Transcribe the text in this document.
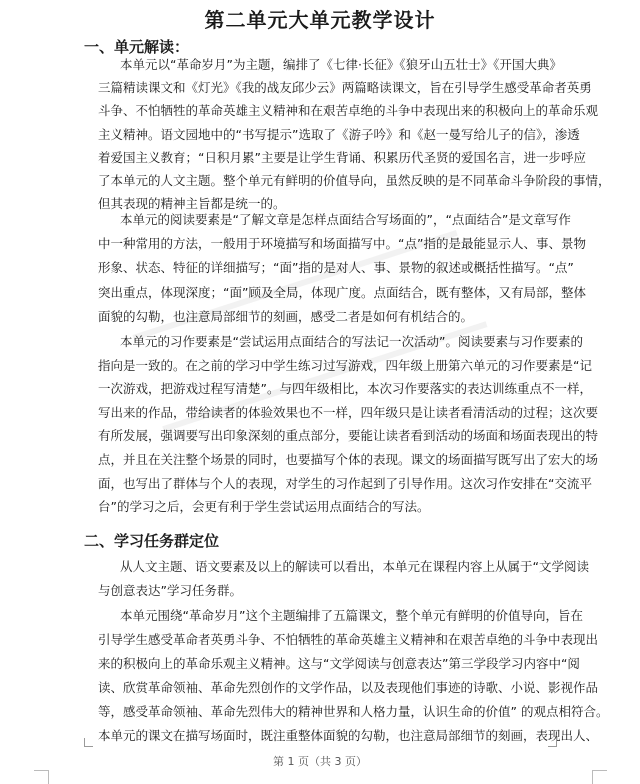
第二单元大单元教学设计
一、单元解读：
本单元以“革命岁月”为主题，编排了《七律·长征》《狼牙山五壮士》《开国大典》
三篇精读课文和《灯光》《我的战友邱少云》两篇略读课文，旨在引导学生感受革命者英勇
斗争、不怕牺牲的革命英雄主义精神和在艰苦卓绝的斗争中表现出来的积极向上的革命乐观
主义精神。语文园地中的“书写提示”选取了《游子吟》和《赵一曼写给儿子的信》，渗透
着爱国主义教育；“日积月累”主要是让学生背诵、积累历代圣贤的爱国名言，进一步呼应
了本单元的人文主题。整个单元有鲜明的价值导向，虽然反映的是不同革命斗争阶段的事情，
但其表现的精神主旨都是统一的。
本单元的阅读要素是“了解文章是怎样点面结合写场面的”，“点面结合”是文章写作
中一种常用的方法，一般用于环境描写和场面描写中。“点”指的是最能显示人、事、景物
形象、状态、特征的详细描写；“面”指的是对人、事、景物的叙述或概括性描写。“点”
突出重点，体现深度；“面”顾及全局，体现广度。点面结合，既有整体，又有局部，整体
面貌的勾勒，也注意局部细节的刻画，感受二者是如何有机结合的。
本单元的习作要素是“尝试运用点面结合的写法记一次活动”。阅读要素与习作要素的
指向是一致的。在之前的学习中学生练习过写游戏，四年级上册第六单元的习作要素是“记
一次游戏，把游戏过程写清楚”。与四年级相比，本次习作要落实的表达训练重点不一样，
写出来的作品，带给读者的体验效果也不一样，四年级只是让读者看清活动的过程；这次要
有所发展，强调要写出印象深刻的重点部分，要能让读者看到活动的场面和场面表现出的特
点，并且在关注整个场景的同时，也要描写个体的表现。课文的场面描写既写出了宏大的场
面，也写出了群体与个人的表现，对学生的习作起到了引导作用。这次习作安排在“交流平
台”的学习之后，会更有利于学生尝试运用点面结合的写法。
二、学习任务群定位
从人文主题、语文要素及以上的解读可以看出，本单元在课程内容上从属于“文学阅读
与创意表达”学习任务群。
本单元围绕“革命岁月”这个主题编排了五篇课文，整个单元有鲜明的价值导向，旨在
引导学生感受革命者英勇斗争、不怕牺牲的革命英雄主义精神和在艰苦卓绝的斗争中表现出
来的积极向上的革命乐观主义精神。这与“文学阅读与创意表达”第三学段学习内容中“阅
读、欣赏革命领袖、革命先烈创作的文学作品，以及表现他们事迹的诗歌、小说、影视作品
等，感受革命领袖、革命先烈伟大的精神世界和人格力量，认识生命的价值” 的观点相符合。
本单元的课文在描写场面时，既注重整体面貌的勾勒，也注意局部细节的刻画，表现出人、
第 1 页（共 3 页）
